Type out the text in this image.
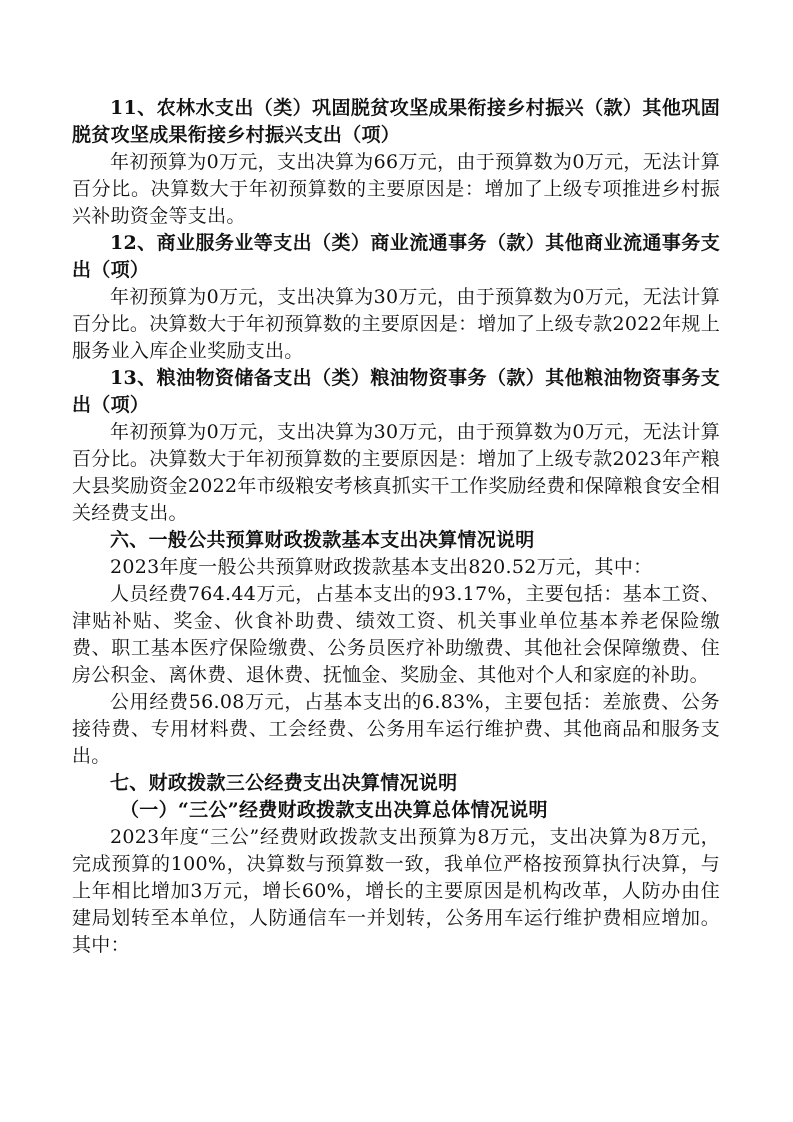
11、农林水支出（类）巩固脱贫攻坚成果衔接乡村振兴（款）其他巩固脱贫攻坚成果衔接乡村振兴支出（项）

年初预算为0万元，支出决算为66万元，由于预算数为0万元，无法计算百分比。决算数大于年初预算数的主要原因是：增加了上级专项推进乡村振兴补助资金等支出。

12、商业服务业等支出（类）商业流通事务（款）其他商业流通事务支出（项）

年初预算为0万元，支出决算为30万元，由于预算数为0万元，无法计算百分比。决算数大于年初预算数的主要原因是：增加了上级专款2022年规上服务业入库企业奖励支出。

13、粮油物资储备支出（类）粮油物资事务（款）其他粮油物资事务支出（项）

年初预算为0万元，支出决算为30万元，由于预算数为0万元，无法计算百分比。决算数大于年初预算数的主要原因是：增加了上级专款2023年产粮大县奖励资金2022年市级粮安考核真抓实干工作奖励经费和保障粮食安全相关经费支出。

六、一般公共预算财政拨款基本支出决算情况说明

2023年度一般公共预算财政拨款基本支出820.52万元，其中：

人员经费764.44万元，占基本支出的93.17%，主要包括：基本工资、津贴补贴、奖金、伙食补助费、绩效工资、机关事业单位基本养老保险缴费、职工基本医疗保险缴费、公务员医疗补助缴费、其他社会保障缴费、住房公积金、离休费、退休费、抚恤金、奖励金、其他对个人和家庭的补助。

公用经费56.08万元，占基本支出的6.83%，主要包括：差旅费、公务接待费、专用材料费、工会经费、公务用车运行维护费、其他商品和服务支出。

七、财政拨款三公经费支出决算情况说明

（一）“三公”经费财政拨款支出决算总体情况说明

2023年度“三公”经费财政拨款支出预算为8万元，支出决算为8万元，完成预算的100%，决算数与预算数一致，我单位严格按预算执行决算，与上年相比增加3万元，增长60%，增长的主要原因是机构改革，人防办由住建局划转至本单位，人防通信车一并划转，公务用车运行维护费相应增加。其中：
